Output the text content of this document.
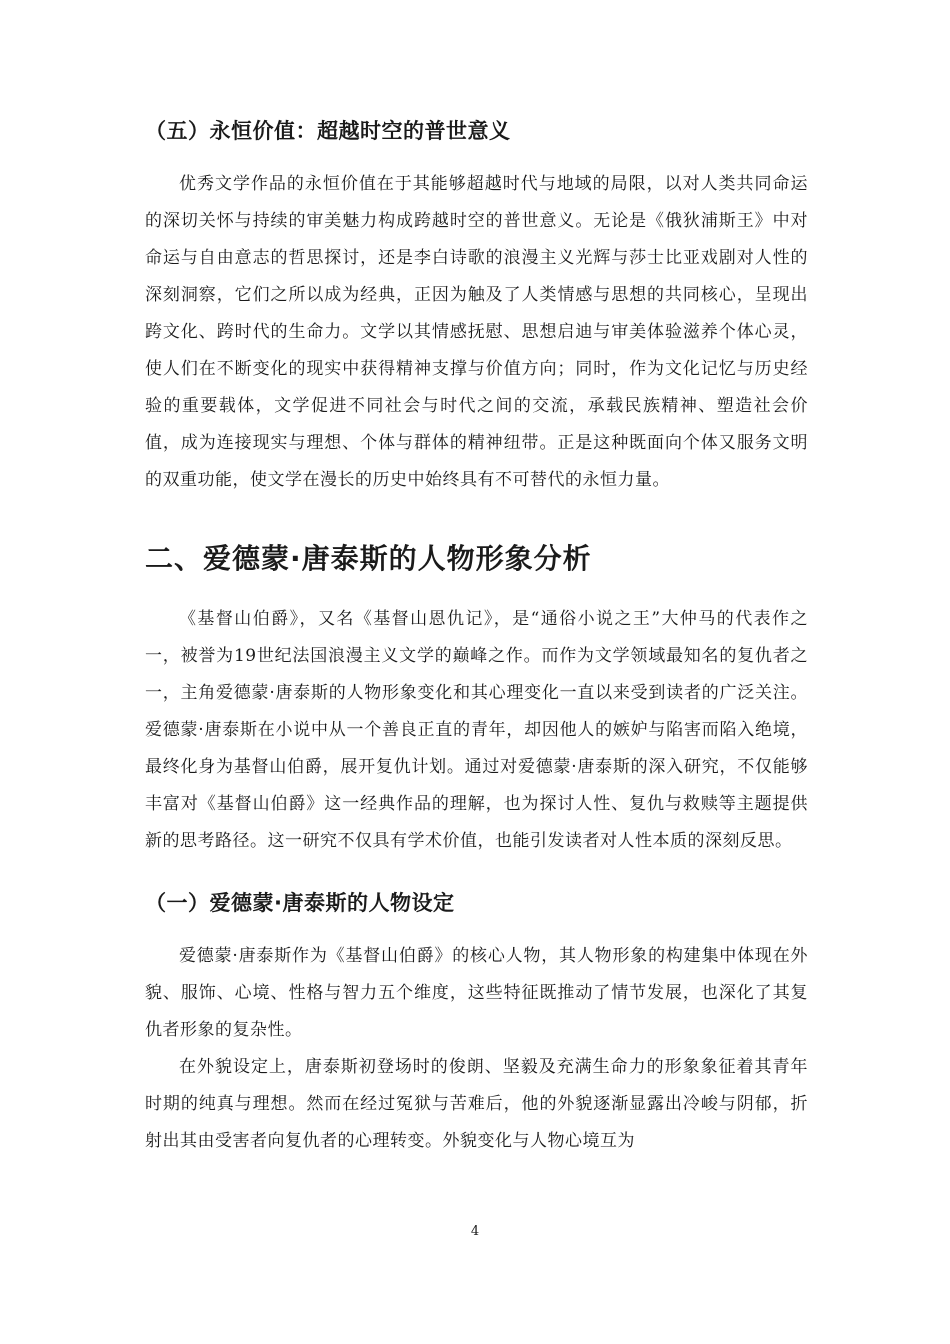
（五）永恒价值：超越时空的普世意义

优秀文学作品的永恒价值在于其能够超越时代与地域的局限，以对人类共同命运的深切关怀与持续的审美魅力构成跨越时空的普世意义。无论是《俄狄浦斯王》中对命运与自由意志的哲思探讨，还是李白诗歌的浪漫主义光辉与莎士比亚戏剧对人性的深刻洞察，它们之所以成为经典，正因为触及了人类情感与思想的共同核心，呈现出跨文化、跨时代的生命力。文学以其情感抚慰、思想启迪与审美体验滋养个体心灵，使人们在不断变化的现实中获得精神支撑与价值方向；同时，作为文化记忆与历史经验的重要载体，文学促进不同社会与时代之间的交流，承载民族精神、塑造社会价值，成为连接现实与理想、个体与群体的精神纽带。正是这种既面向个体又服务文明的双重功能，使文学在漫长的历史中始终具有不可替代的永恒力量。

二、爱德蒙·唐泰斯的人物形象分析

《基督山伯爵》，又名《基督山恩仇记》，是“通俗小说之王”大仲马的代表作之一，被誉为19世纪法国浪漫主义文学的巅峰之作。而作为文学领域最知名的复仇者之一，主角爱德蒙·唐泰斯的人物形象变化和其心理变化一直以来受到读者的广泛关注。爱德蒙·唐泰斯在小说中从一个善良正直的青年，却因他人的嫉妒与陷害而陷入绝境，最终化身为基督山伯爵，展开复仇计划。通过对爱德蒙·唐泰斯的深入研究，不仅能够丰富对《基督山伯爵》这一经典作品的理解，也为探讨人性、复仇与救赎等主题提供新的思考路径。这一研究不仅具有学术价值，也能引发读者对人性本质的深刻反思。

（一）爱德蒙·唐泰斯的人物设定

爱德蒙·唐泰斯作为《基督山伯爵》的核心人物，其人物形象的构建集中体现在外貌、服饰、心境、性格与智力五个维度，这些特征既推动了情节发展，也深化了其复仇者形象的复杂性。

在外貌设定上，唐泰斯初登场时的俊朗、坚毅及充满生命力的形象象征着其青年时期的纯真与理想。然而在经过冤狱与苦难后，他的外貌逐渐显露出冷峻与阴郁，折射出其由受害者向复仇者的心理转变。外貌变化与人物心境互为

4
